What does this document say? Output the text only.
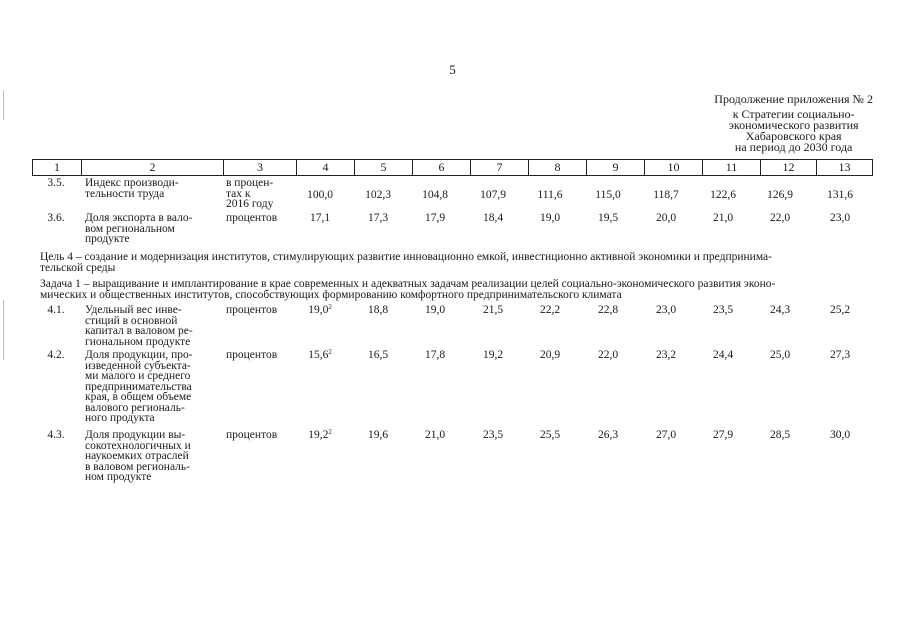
5
Продолжение приложения № 2
к Стратегии социально-
экономического развития
Хабаровского края
на период до 2030 года
1	2	3	4	5	6	7	8	9	10	11	12	13
3.5.	Индекс производи-
тельности труда
в процен-
тах к
2016 году
100,0	102,3	104,8	107,9	111,6	115,0	118,7	122,6	126,9	131,6
3.6.	Доля экспорта в вало-
вом региональном
продукте
процентов	17,1	17,3	17,9	18,4	19,0	19,5	20,0	21,0	22,0	23,0
Цель 4 – создание и модернизация институтов, стимулирующих развитие инновационно емкой, инвестиционно активной экономики и предпринима-
тельской среды
Задача 1 – выращивание и имплантирование в крае современных и адекватных задачам реализации целей социально-экономического развития эконо-
мических и общественных институтов, способствующих формированию комфортного предпринимательского климата
4.1.	Удельный вес инве-
стиций в основной
капитал в валовом ре-
гиональном продукте
процентов	19,0$^2$	18,8	19,0	21,5	22,2	22,8	23,0	23,5	24,3	25,2
4.2.	Доля продукции, про-
изведенной субъекта-
ми малого и среднего
предпринимательства
края, в общем объеме
валового региональ-
ного продукта
процентов	15,6$^2$	16,5	17,8	19,2	20,9	22,0	23,2	24,4	25,0	27,3
4.3.	Доля продукции вы-
сокотехнологичных и
наукоемких отраслей
в валовом региональ-
ном продукте
процентов	19,2$^2$	19,6	21,0	23,5	25,5	26,3	27,0	27,9	28,5	30,0
